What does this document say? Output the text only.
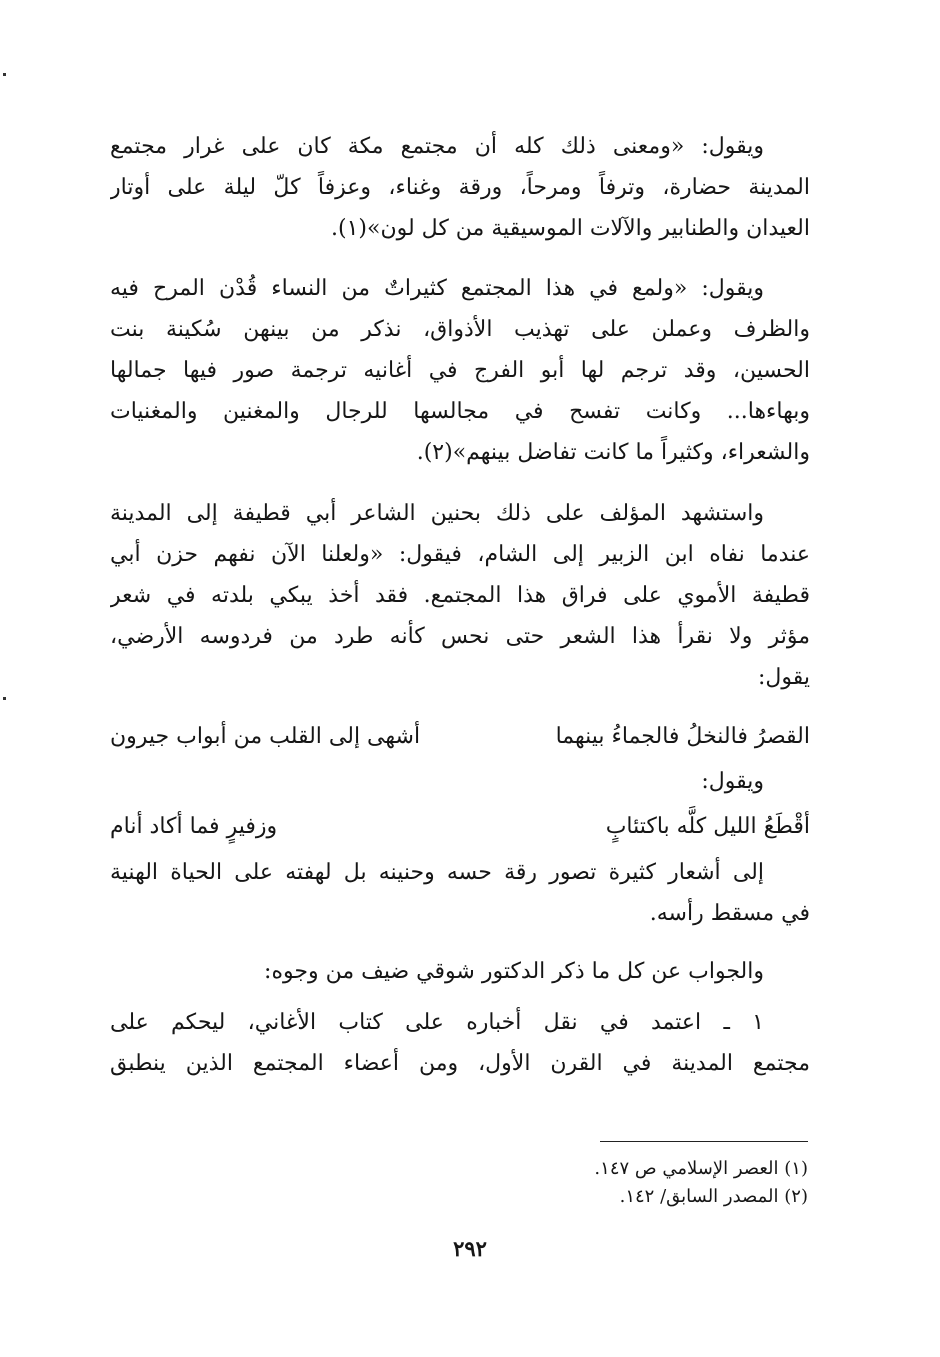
ويقول: «ومعنى ذلك كله أن مجتمع مكة كان على غرار مجتمع
المدينة حضارة، وترفاً ومرحاً، ورقة وغناء، وعزفاً كلّ ليلة على أوتار
العيدان والطنابير والآلات الموسيقية من كل لون»(١).
ويقول: «ولمع في هذا المجتمع كثيراتٌ من النساء قُدْن المرح فيه
والظرف وعملن على تهذيب الأذواق، نذكر من بينهن سُكينة بنت
الحسين، وقد ترجم لها أبو الفرج في أغانيه ترجمة صور فيها جمالها
وبهاءها... وكانت تفسح في مجالسها للرجال والمغنين والمغنيات
والشعراء، وكثيراً ما كانت تفاضل بينهم»(٢).
واستشهد المؤلف على ذلك بحنين الشاعر أبي قطيفة إلى المدينة
عندما نفاه ابن الزبير إلى الشام، فيقول: «ولعلنا الآن نفهم حزن أبي
قطيفة الأموي على فراق هذا المجتمع. فقد أخذ يبكي بلدته في شعر
مؤثر ولا نقرأ هذا الشعر حتى نحس كأنه طرد من فردوسه الأرضي،
يقول:
القصرُ فالنخلُ فالجماءُ بينهما
أشهى إلى القلب من أبواب جيرون
ويقول:
أقْطَعُ الليل كلَّه باكتئابٍ
وزفيرٍ فما أكاد أنام
إلى أشعار كثيرة تصور رقة حسه وحنينه بل لهفته على الحياة الهنية
في مسقط رأسه.
والجواب عن كل ما ذكر الدكتور شوقي ضيف من وجوه:
١ ـ اعتمد في نقل أخباره على كتاب الأغاني، ليحكم على
مجتمع المدينة في القرن الأول، ومن أعضاء المجتمع الذين ينطبق
(١) العصر الإسلامي ص ١٤٧.
(٢) المصدر السابق/ ١٤٢.
٢٩٢
